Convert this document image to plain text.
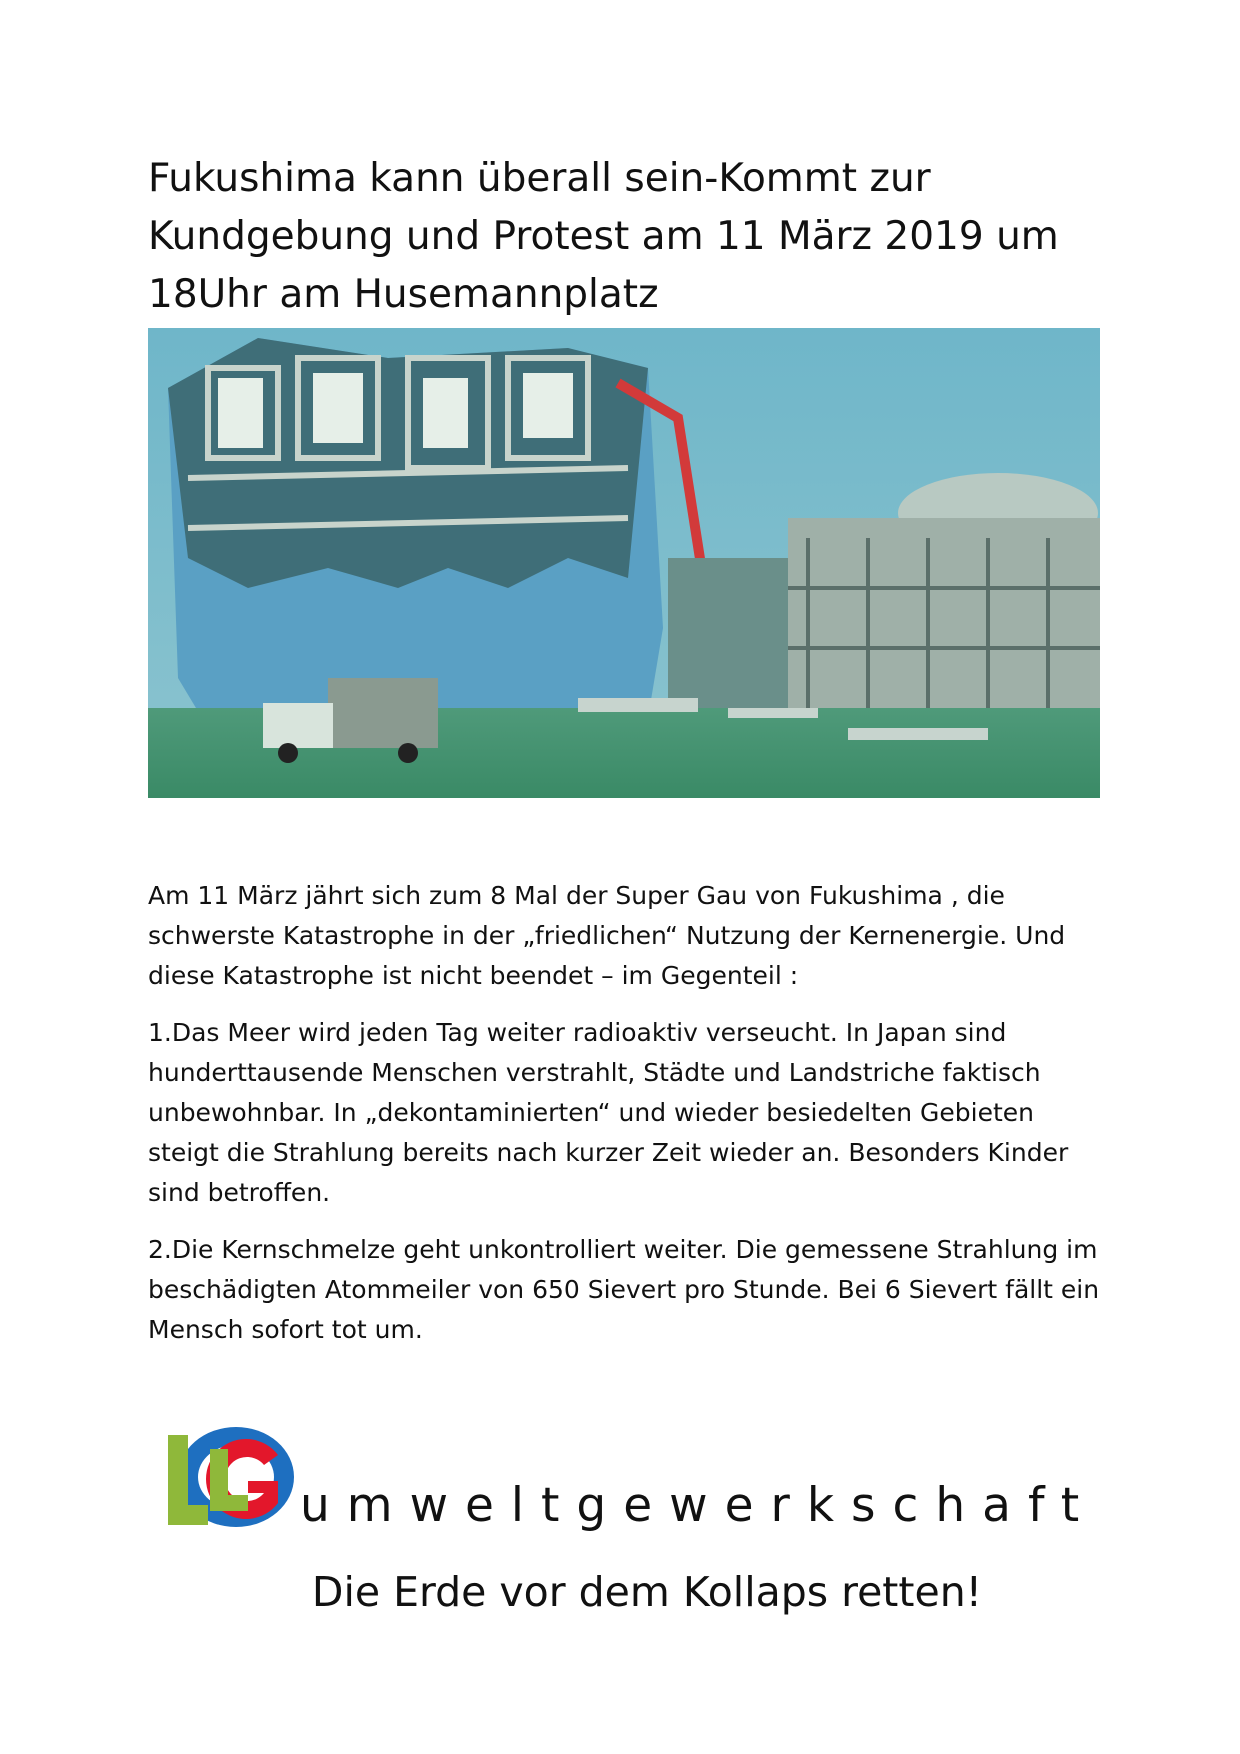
Fukushima kann überall sein-Kommt zur Kundgebung und Protest am 11 März 2019 um 18Uhr am Husemannplatz

Am 11 März jährt sich zum 8 Mal der Super Gau von Fukushima , die schwerste Katastrophe in der „friedlichen“ Nutzung der Kernenergie. Und diese Katastrophe ist nicht beendet – im Gegenteil :

1.Das Meer wird jeden Tag weiter radioaktiv verseucht. In Japan sind hunderttausende Menschen verstrahlt, Städte und Landstriche faktisch unbewohnbar. In „dekontaminierten“ und wieder besiedelten Gebieten steigt die Strahlung bereits nach kurzer Zeit wieder an. Besonders Kinder sind betroffen.

2.Die Kernschmelze geht unkontrolliert weiter. Die gemessene Strahlung im beschädigten Atommeiler von 650 Sievert pro Stunde. Bei 6 Sievert fällt ein Mensch sofort tot um.

umweltgewerkschaft
Die Erde vor dem Kollaps retten!
